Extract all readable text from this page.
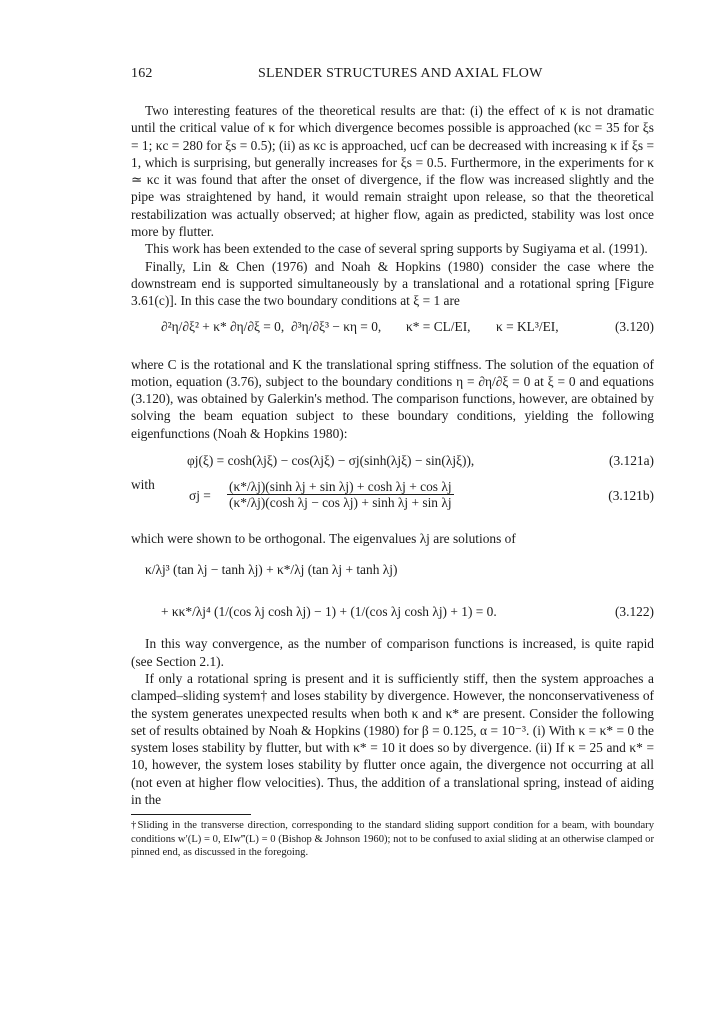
162	SLENDER STRUCTURES AND AXIAL FLOW

Two interesting features of the theoretical results are that: (i) the effect of κ is not dramatic until the critical value of κ for which divergence becomes possible is approached (κc = 35 for ξs = 1; κc = 280 for ξs = 0.5); (ii) as κc is approached, ucf can be decreased with increasing κ if ξs = 1, which is surprising, but generally increases for ξs = 0.5. Furthermore, in the experiments for κ ≃ κc it was found that after the onset of divergence, if the flow was increased slightly and the pipe was straightened by hand, it would remain straight upon release, so that the theoretical restabilization was actually observed; at higher flow, again as predicted, stability was lost once more by flutter.

This work has been extended to the case of several spring supports by Sugiyama et al. (1991).

Finally, Lin & Chen (1976) and Noah & Hopkins (1980) consider the case where the downstream end is supported simultaneously by a translational and a rotational spring [Figure 3.61(c)]. In this case the two boundary conditions at ξ = 1 are

∂²η/∂ξ² + κ* ∂η/∂ξ = 0, ∂³η/∂ξ³ − κη = 0, κ* = CL/EI, κ = KL³/EI,	(3.120)

where C is the rotational and K the translational spring stiffness. The solution of the equation of motion, equation (3.76), subject to the boundary conditions η = ∂η/∂ξ = 0 at ξ = 0 and equations (3.120), was obtained by Galerkin's method. The comparison functions, however, are obtained by solving the beam equation subject to these boundary conditions, yielding the following eigenfunctions (Noah & Hopkins 1980):

φj(ξ) = cosh(λjξ) − cos(λjξ) − σj(sinh(λjξ) − sin(λjξ)),	(3.121a)
with
$\sigma j = \frac{\text{(κ*/λj)(sinh λj + sin λj) + cosh λj + cos λj}}{\text{(κ*/λj)(cosh λj − cos λj) + sinh λj + sin λj}}$	(3.121b)

which were shown to be orthogonal. The eigenvalues λj are solutions of

κ/λj³ (tan λj − tanh λj) + κ*/λj (tan λj + tanh λj)
+ κκ*/λj⁴ (1/(cos λj cosh λj) − 1) + (1/(cos λj cosh λj) + 1) = 0.	(3.122)

In this way convergence, as the number of comparison functions is increased, is quite rapid (see Section 2.1).

If only a rotational spring is present and it is sufficiently stiff, then the system approaches a clamped–sliding system† and loses stability by divergence. However, the nonconservativeness of the system generates unexpected results when both κ and κ* are present. Consider the following set of results obtained by Noah & Hopkins (1980) for β = 0.125, α = 10⁻³. (i) With κ = κ* = 0 the system loses stability by flutter, but with κ* = 10 it does so by divergence. (ii) If κ = 25 and κ* = 10, however, the system loses stability by flutter once again, the divergence not occurring at all (not even at higher flow velocities). Thus, the addition of a translational spring, instead of aiding in the

†Sliding in the transverse direction, corresponding to the standard sliding support condition for a beam, with boundary conditions w′(L) = 0, EIw‴(L) = 0 (Bishop & Johnson 1960); not to be confused to axial sliding at an otherwise clamped or pinned end, as discussed in the foregoing.
